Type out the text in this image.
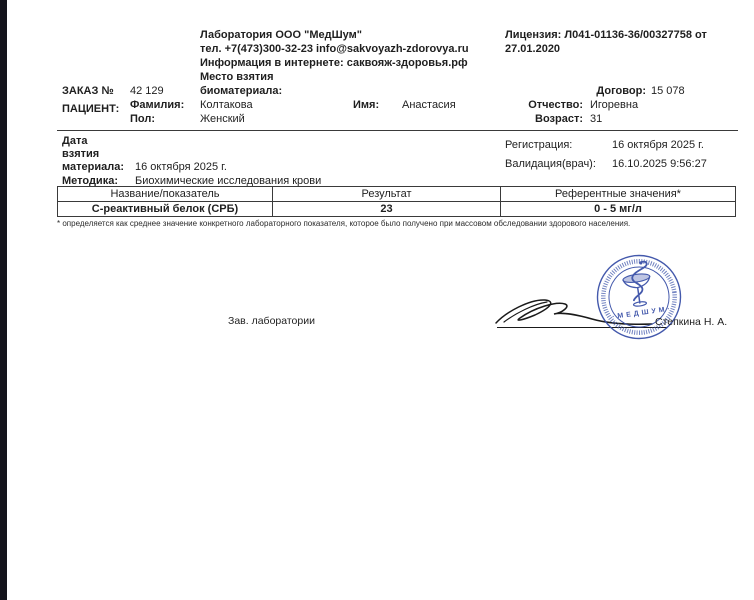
Лаборатория ООО "МедШум"
тел. +7(473)300-32-23 info@sakvoyazh-zdorovya.ru
Информация в интернете: саквояж-здоровья.рф
Лицензия: Л041-01136-36/00327758 от
27.01.2020
Место взятия
ЗАКАЗ № 42 129	биоматериала:	Договор: 15 078
ПАЦИЕНТ: Фамилия: Колтакова	Имя: Анастасия	Отчество: Игоревна
Пол:	Женский	Возраст: 31
Дата
взятия
материала: 16 октября 2025 г.
Регистрация:	16 октября 2025 г.
Валидация(врач): 16.10.2025 9:56:27
Методика: Биохимические исследования крови
Название/показатель	Результат	Референтные значения*
С-реактивный белок (СРБ)	23	0 - 5 мг/л
* определяется как среднее значение конкретного лабораторного показателя, которое было получено при массовом обследовании здорового населения.
Зав. лаборатории
· М Е Д Ш У М ·
Степкина Н. А.
